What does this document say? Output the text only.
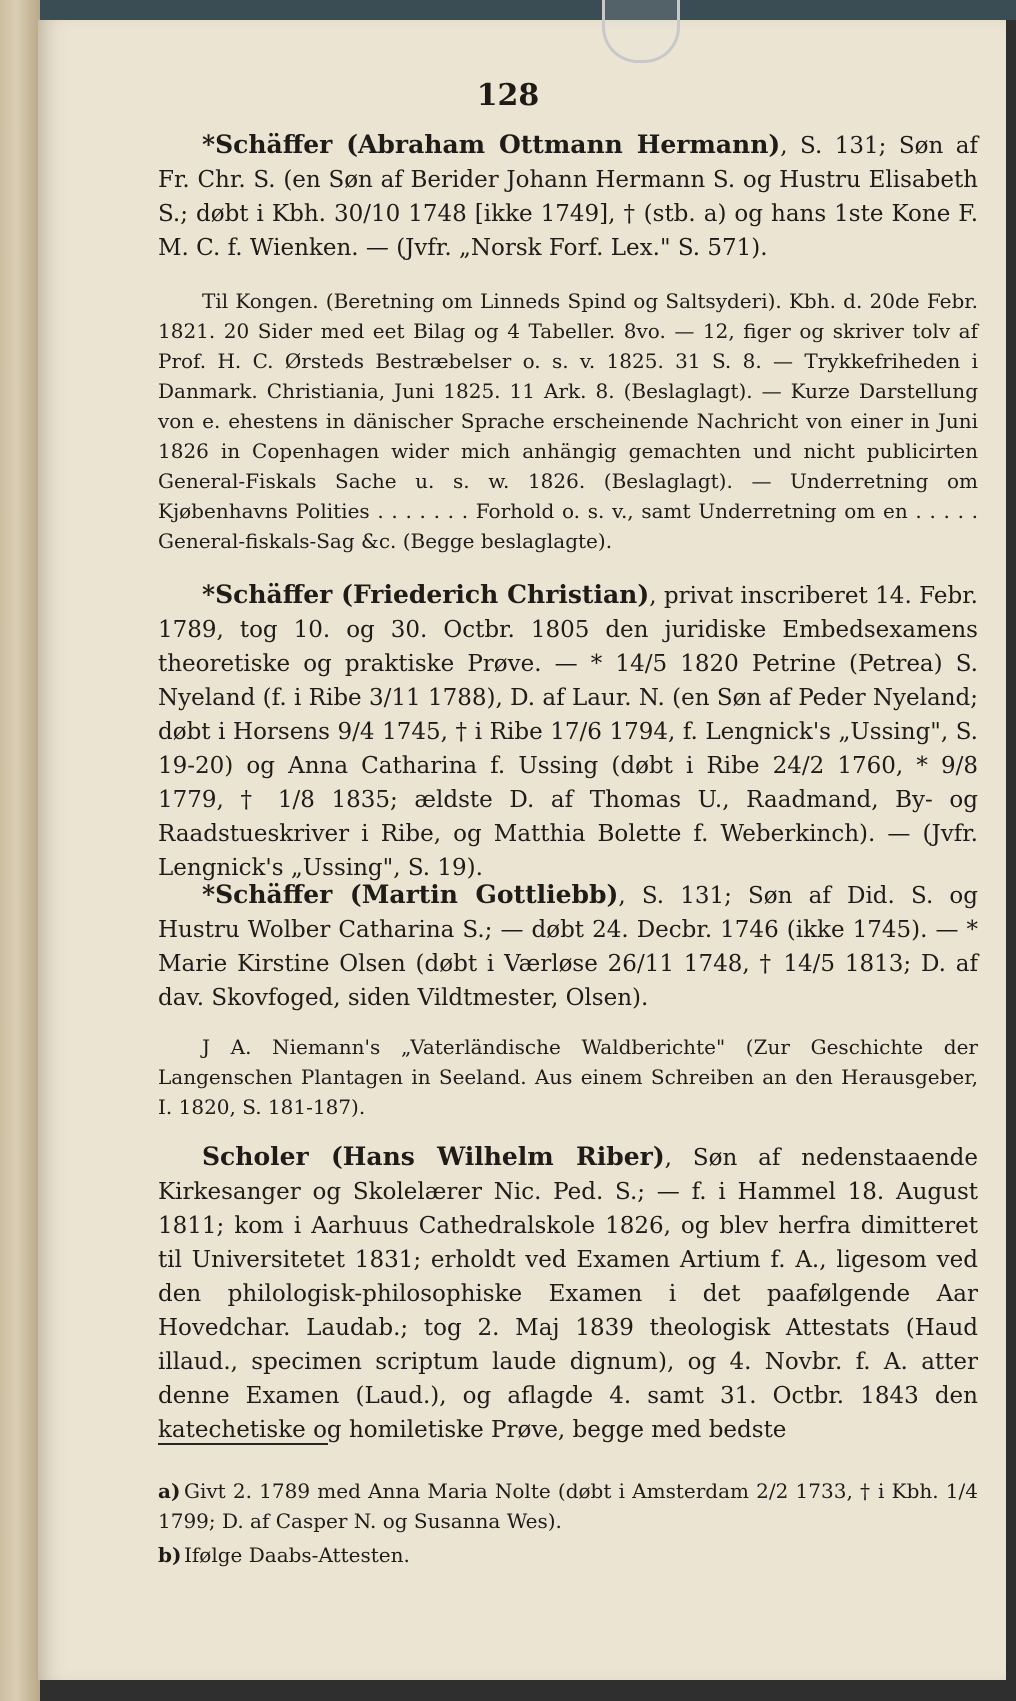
128
*Schäffer (Abraham Ottmann Hermann), S. 131; Søn af Fr. Chr. S. (en Søn af Berider Johann Hermann S. og Hustru Elisabeth S.; døbt i Kbh. 30/10 1748 [ikke 1749], † (stb. a) og hans 1ste Kone F. M. C. f. Wienken. — (Jvfr. „Norsk Forf. Lex." S. 571).
Til Kongen. (Beretning om Linneds Spind og Saltsyderi). Kbh. d. 20de Febr. 1821. 20 Sider med eet Bilag og 4 Tabeller. 8vo. — 12, figer og skriver tolv af Prof. H. C. Ørsteds Bestræbelser o. s. v. 1825. 31 S. 8. — Trykkefriheden i Danmark. Christiania, Juni 1825. 11 Ark. 8. (Beslaglagt). — Kurze Darstellung von e. ehestens in dänischer Sprache erscheinende Nachricht von einer in Juni 1826 in Copenhagen wider mich anhängig gemachten und nicht publicirten General-Fiskals Sache u. s. w. 1826. (Beslaglagt). — Underretning om Kjøbenhavns Polities . . . . . . . Forhold o. s. v., samt Underretning om en . . . . . General-fiskals-Sag &c. (Begge beslaglagte).
*Schäffer (Friederich Christian), privat inscriberet 14. Febr. 1789, tog 10. og 30. Octbr. 1805 den juridiske Embedsexamens theoretiske og praktiske Prøve. — * 14/5 1820 Petrine (Petrea) S. Nyeland (f. i Ribe 3/11 1788), D. af Laur. N. (en Søn af Peder Nyeland; døbt i Horsens 9/4 1745, † i Ribe 17/6 1794, f. Lengnick's „Ussing", S. 19-20) og Anna Catharina f. Ussing (døbt i Ribe 24/2 1760, * 9/8 1779, † 1/8 1835; ældste D. af Thomas U., Raadmand, By- og Raadstueskriver i Ribe, og Matthia Bolette f. Weberkinch). — (Jvfr. Lengnick's „Ussing", S. 19).
*Schäffer (Martin Gottliebb), S. 131; Søn af Did. S. og Hustru Wolber Catharina S.; — døbt 24. Decbr. 1746 (ikke 1745). — * Marie Kirstine Olsen (døbt i Værløse 26/11 1748, † 14/5 1813; D. af dav. Skovfoged, siden Vildtmester, Olsen).
J A. Niemann's „Vaterländische Waldberichte" (Zur Geschichte der Langenschen Plantagen in Seeland. Aus einem Schreiben an den Herausgeber, I. 1820, S. 181-187).
Scholer (Hans Wilhelm Riber), Søn af nedenstaaende Kirkesanger og Skolelærer Nic. Ped. S.; — f. i Hammel 18. August 1811; kom i Aarhuus Cathedralskole 1826, og blev herfra dimitteret til Universitetet 1831; erholdt ved Examen Artium f. A., ligesom ved den philologisk-philosophiske Examen i det paafølgende Aar Hovedchar. Laudab.; tog 2. Maj 1839 theologisk Attestats (Haud illaud., specimen scriptum laude dignum), og 4. Novbr. f. A. atter denne Examen (Laud.), og aflagde 4. samt 31. Octbr. 1843 den katechetiske og homiletiske Prøve, begge med bedste
a) Givt 2. 1789 med Anna Maria Nolte (døbt i Amsterdam 2/2 1733, † i Kbh. 1/4 1799; D. af Casper N. og Susanna Wes).
b) Ifølge Daabs-Attesten.
